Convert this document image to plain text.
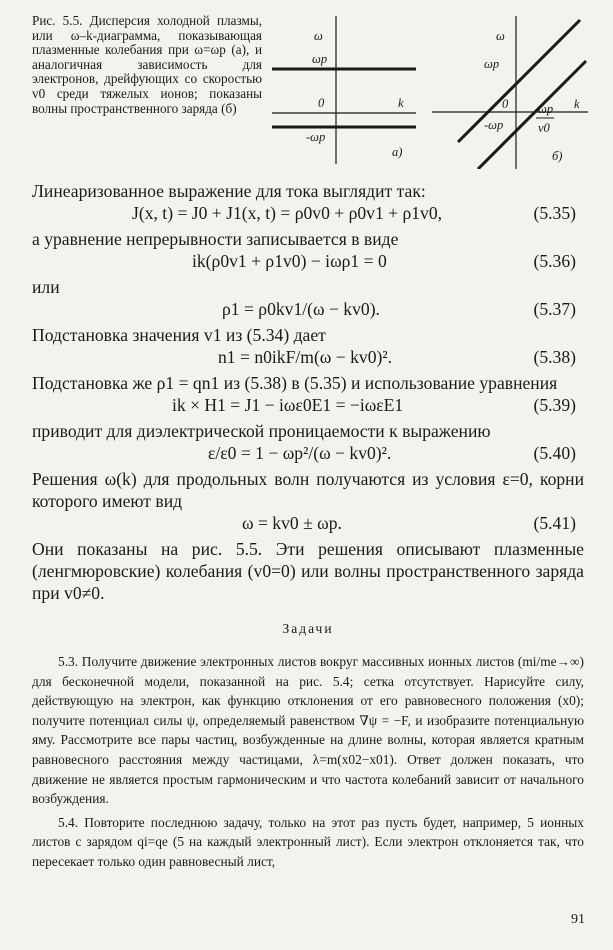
Рис. 5.5. Дисперсия холодной плазмы, или ω–k-диаграмма, показывающая плазменные колебания при ω=ωp (a), и аналогичная зависимость для электронов, дрейфующих со скоростью v0 среди тяжелых ионов; показаны волны пространственного заряда (б)

ω
ωp
0	k
-ωp
a)
ω
ωp
0	k
-ωp
ωp
v0
б)

Линеаризованное выражение для тока выглядит так:

J(x, t) = J0 + J1(x, t) = ρ0v0 + ρ0v1 + ρ1v0,	(5.35)

а уравнение непрерывности записывается в виде

ik(ρ0v1 + ρ1v0) − iωρ1 = 0	(5.36)

или

ρ1 = ρ0kv1/(ω − kv0).	(5.37)

Подстановка значения v1 из (5.34) дает

n1 = n0ikF/m(ω − kv0)².	(5.38)

Подстановка же ρ1 = qn1 из (5.38) в (5.35) и использование уравнения

ik × H1 = J1 − iωε0E1 = −iωεE1	(5.39)

приводит для диэлектрической проницаемости к выражению

ε/ε0 = 1 − ωp²/(ω − kv0)².	(5.40)

Решения ω(k) для продольных волн получаются из условия ε=0, корни которого имеют вид

ω = kv0 ± ωp.	(5.41)

Они показаны на рис. 5.5. Эти решения описывают плазменные (ленгмюровские) колебания (v0=0) или волны пространственного заряда при v0≠0.

Задачи

5.3. Получите движение электронных листов вокруг массивных ионных листов (mi/me→∞) для бесконечной модели, показанной на рис. 5.4; сетка отсутствует. Нарисуйте силу, действующую на электрон, как функцию отклонения от его равновесного положения (x0); получите потенциал силы ψ, определяемый равенством ∇ψ = −F, и изобразите потенциальную яму. Рассмотрите все пары частиц, возбужденные на длине волны, которая является кратным равновесного расстояния между частицами, λ=m(x02−x01). Ответ должен показать, что движение не является простым гармоническим и что частота колебаний зависит от начального возбуждения.

5.4. Повторите последнюю задачу, только на этот раз пусть будет, например, 5 ионных листов с зарядом qi=qe (5 на каждый электронный лист). Если электрон отклоняется так, что пересекает только один равновесный лист,

91
